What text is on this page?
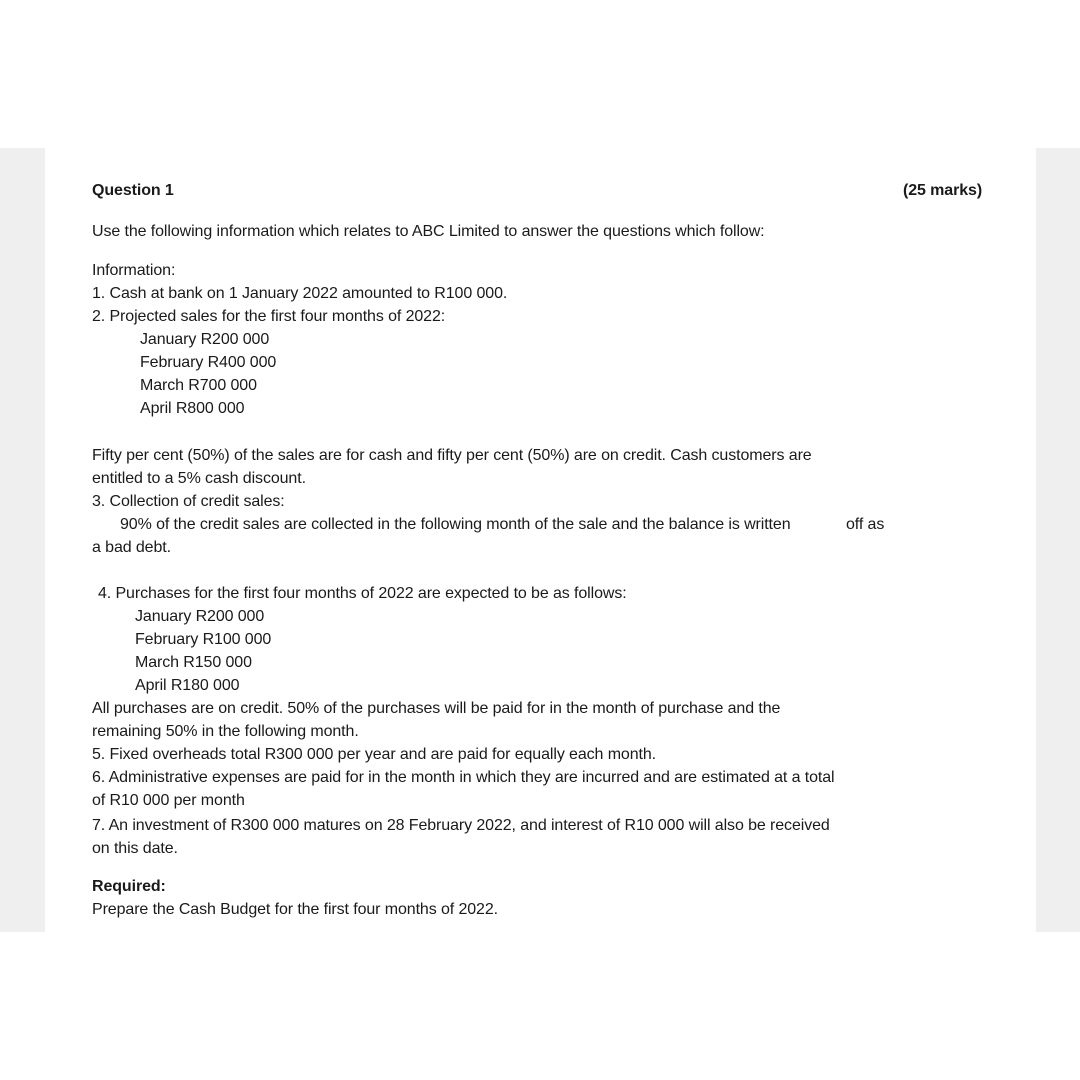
Question 1	(25 marks)
Use the following information which relates to ABC Limited to answer the questions which follow:
Information:
1. Cash at bank on 1 January 2022 amounted to R100 000.
2. Projected sales for the first four months of 2022:
January R200 000
February R400 000
March R700 000
April R800 000
Fifty per cent (50%) of the sales are for cash and fifty per cent (50%) are on credit. Cash customers are
entitled to a 5% cash discount.
3. Collection of credit sales:
90% of the credit sales are collected in the following month of the sale and the balance is written	off as
a bad debt.
4. Purchases for the first four months of 2022 are expected to be as follows:
January R200 000
February R100 000
March R150 000
April R180 000
All purchases are on credit. 50% of the purchases will be paid for in the month of purchase and the
remaining 50% in the following month.
5. Fixed overheads total R300 000 per year and are paid for equally each month.
6. Administrative expenses are paid for in the month in which they are incurred and are estimated at a total
of R10 000 per month
7. An investment of R300 000 matures on 28 February 2022, and interest of R10 000 will also be received
on this date.
Required:
Prepare the Cash Budget for the first four months of 2022.
